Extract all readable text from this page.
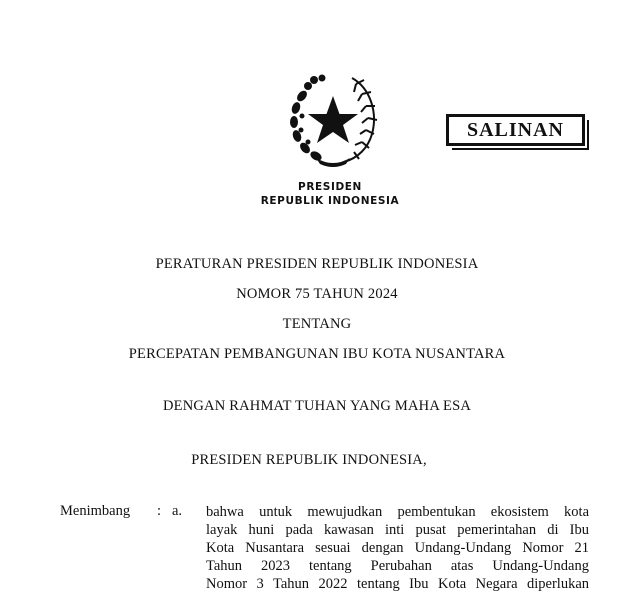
SALINAN
PRESIDEN
REPUBLIK INDONESIA
PERATURAN PRESIDEN REPUBLIK INDONESIA
NOMOR 75 TAHUN 2024
TENTANG
PERCEPATAN PEMBANGUNAN IBU KOTA NUSANTARA
DENGAN RAHMAT TUHAN YANG MAHA ESA
PRESIDEN REPUBLIK INDONESIA,
Menimbang : a. bahwa untuk mewujudkan pembentukan ekosistem kota
layak huni pada kawasan inti pusat pemerintahan di Ibu
Kota Nusantara sesuai dengan Undang-Undang Nomor 21
Tahun 2023 tentang Perubahan atas Undang-Undang
Nomor 3 Tahun 2022 tentang Ibu Kota Negara diperlukan
